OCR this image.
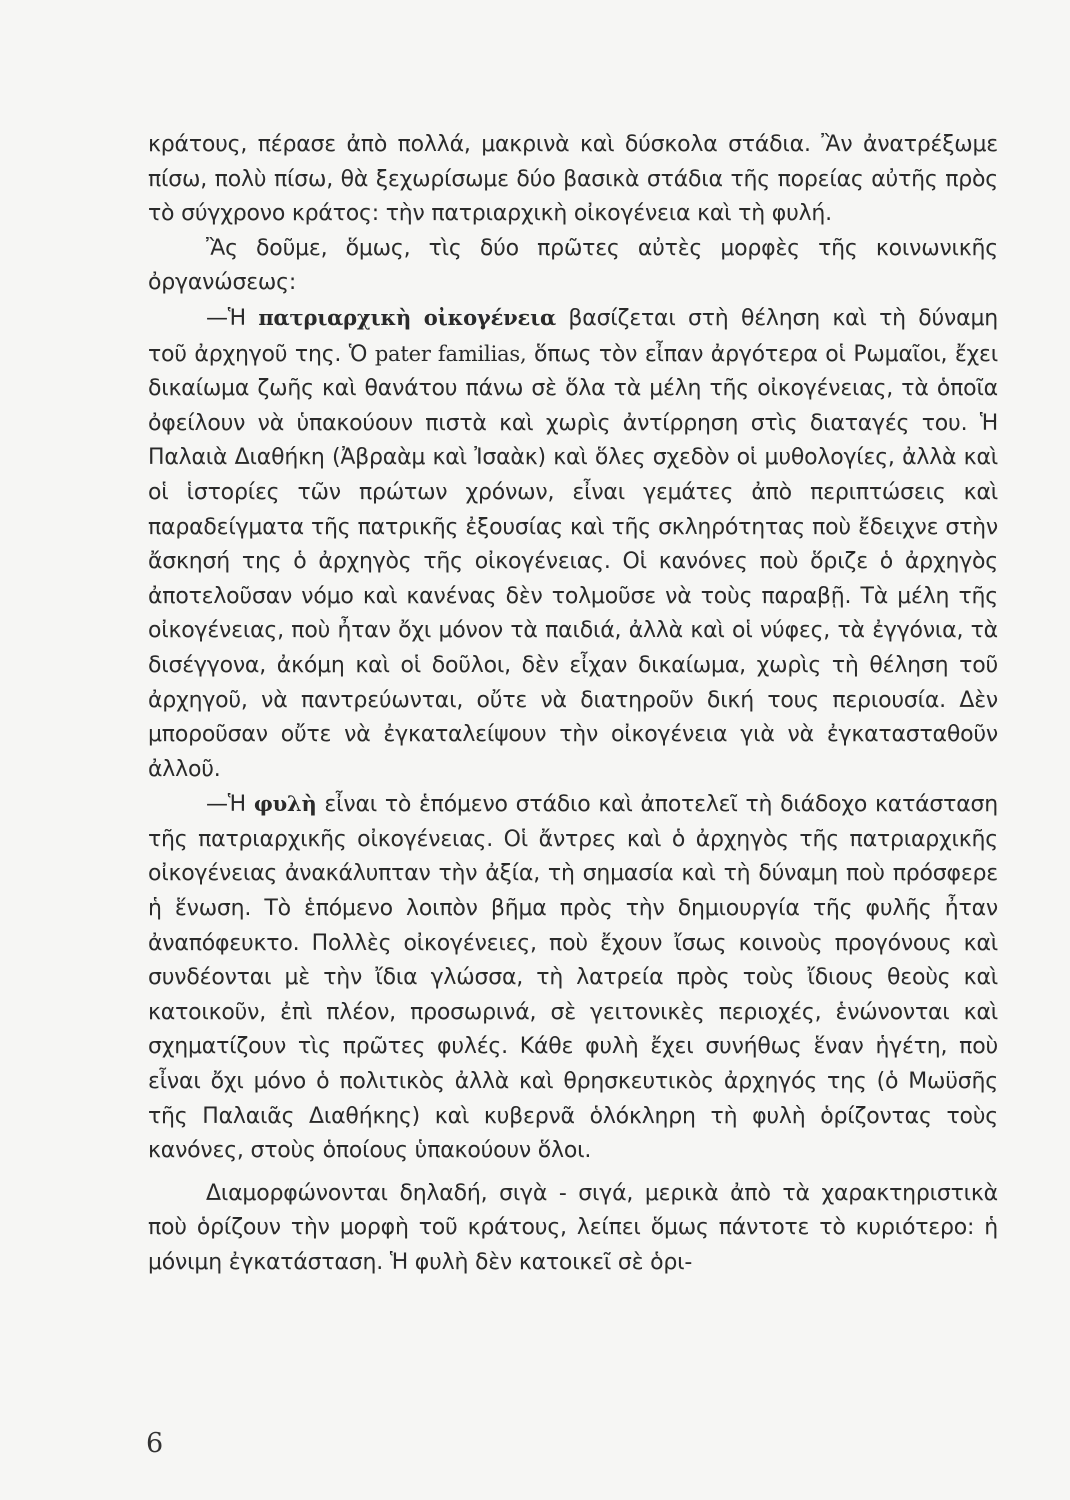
κράτους, πέρασε ἀπὸ πολλά, μακρινὰ καὶ δύσκολα στάδια. Ἂν ἀνατρέξωμε πίσω, πολὺ πίσω, θὰ ξεχωρίσωμε δύο βασικὰ στάδια τῆς πορείας αὐτῆς πρὸς τὸ σύγχρονο κράτος: τὴν πατριαρχικὴ οἰκογένεια καὶ τὴ φυλή.

Ἂς δοῦμε, ὅμως, τὶς δύο πρῶτες αὐτὲς μορφὲς τῆς κοινωνικῆς ὀργανώσεως:

—Ἡ πατριαρχικὴ οἰκογένεια βασίζεται στὴ θέληση καὶ τὴ δύναμη τοῦ ἀρχηγοῦ της. Ὁ pater familias, ὅπως τὸν εἶπαν ἀργότερα οἱ Ρωμαῖοι, ἔχει δικαίωμα ζωῆς καὶ θανάτου πάνω σὲ ὅλα τὰ μέλη τῆς οἰκογένειας, τὰ ὁποῖα ὀφείλουν νὰ ὑπακούουν πιστὰ καὶ χωρὶς ἀντίρρηση στὶς διαταγές του. Ἡ Παλαιὰ Διαθήκη (Ἀβραὰμ καὶ Ἰσαὰκ) καὶ ὅλες σχεδὸν οἱ μυθολογίες, ἀλλὰ καὶ οἱ ἱστορίες τῶν πρώτων χρόνων, εἶναι γεμάτες ἀπὸ περιπτώσεις καὶ παραδείγματα τῆς πατρικῆς ἐξουσίας καὶ τῆς σκληρότητας ποὺ ἔδειχνε στὴν ἄσκησή της ὁ ἀρχηγὸς τῆς οἰκογένειας. Οἱ κανόνες ποὺ ὅριζε ὁ ἀρχηγὸς ἀποτελοῦσαν νόμο καὶ κανένας δὲν τολμοῦσε νὰ τοὺς παραβῇ. Τὰ μέλη τῆς οἰκογένειας, ποὺ ἦταν ὄχι μόνον τὰ παιδιά, ἀλλὰ καὶ οἱ νύφες, τὰ ἐγγόνια, τὰ δισέγγονα, ἀκόμη καὶ οἱ δοῦλοι, δὲν εἶχαν δικαίωμα, χωρὶς τὴ θέληση τοῦ ἀρχηγοῦ, νὰ παντρεύωνται, οὔτε νὰ διατηροῦν δική τους περιουσία. Δὲν μποροῦσαν οὔτε νὰ ἐγκαταλείψουν τὴν οἰκογένεια γιὰ νὰ ἐγκατασταθοῦν ἀλλοῦ.

—Ἡ φυλὴ εἶναι τὸ ἑπόμενο στάδιο καὶ ἀποτελεῖ τὴ διάδοχο κατάσταση τῆς πατριαρχικῆς οἰκογένειας. Οἱ ἄντρες καὶ ὁ ἀρχηγὸς τῆς πατριαρχικῆς οἰκογένειας ἀνακάλυπταν τὴν ἀξία, τὴ σημασία καὶ τὴ δύναμη ποὺ πρόσφερε ἡ ἕνωση. Τὸ ἑπόμενο λοιπὸν βῆμα πρὸς τὴν δημιουργία τῆς φυλῆς ἦταν ἀναπόφευκτο. Πολλὲς οἰκογένειες, ποὺ ἔχουν ἴσως κοινοὺς προγόνους καὶ συνδέονται μὲ τὴν ἴδια γλώσσα, τὴ λατρεία πρὸς τοὺς ἴδιους θεοὺς καὶ κατοικοῦν, ἐπὶ πλέον, προσωρινά, σὲ γειτονικὲς περιοχές, ἑνώνονται καὶ σχηματίζουν τὶς πρῶτες φυλές. Κάθε φυλὴ ἔχει συνήθως ἕναν ἡγέτη, ποὺ εἶναι ὄχι μόνο ὁ πολιτικὸς ἀλλὰ καὶ θρησκευτικὸς ἀρχηγός της (ὁ Μωϋσῆς τῆς Παλαιᾶς Διαθήκης) καὶ κυβερνᾶ ὁλόκληρη τὴ φυλὴ ὁρίζοντας τοὺς κανόνες, στοὺς ὁποίους ὑπακούουν ὅλοι.

Διαμορφώνονται δηλαδή, σιγὰ - σιγά, μερικὰ ἀπὸ τὰ χαρακτηριστικὰ ποὺ ὁρίζουν τὴν μορφὴ τοῦ κράτους, λείπει ὅμως πάντοτε τὸ κυριότερο: ἡ μόνιμη ἐγκατάσταση. Ἡ φυλὴ δὲν κατοικεῖ σὲ ὁρι-

6
